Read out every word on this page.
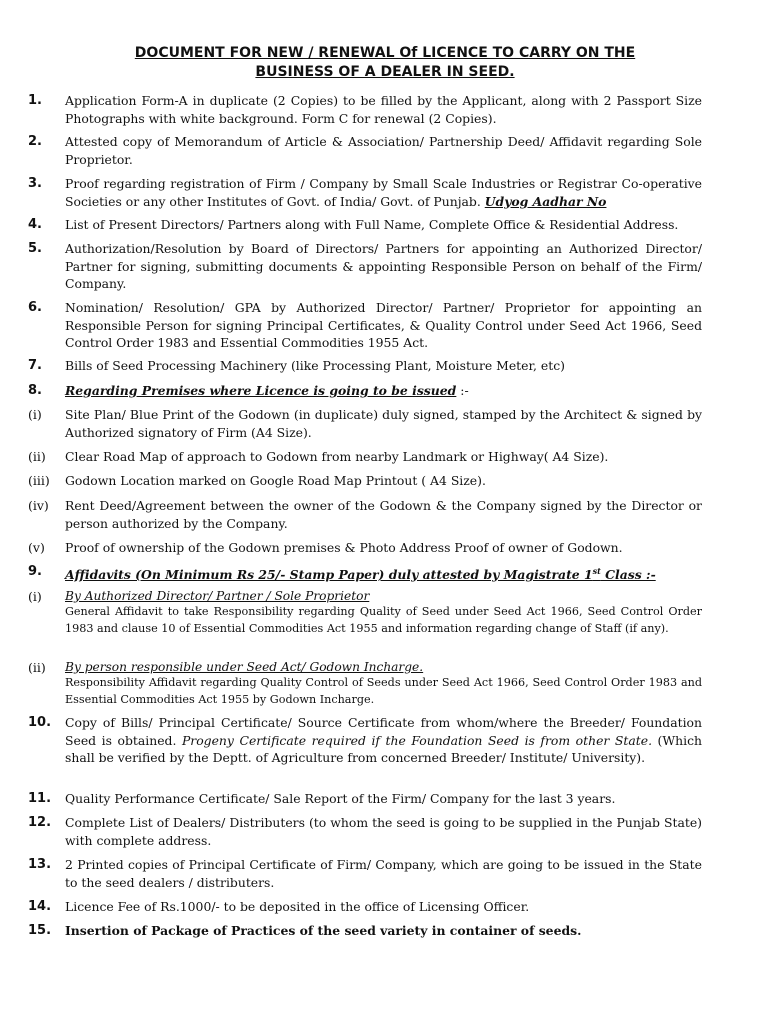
DOCUMENT FOR NEW / RENEWAL Of LICENCE TO CARRY ON THE
BUSINESS OF A DEALER IN SEED.
1.	Application Form-A in duplicate (2 Copies) to be filled by the Applicant, along with 2 Passport Size Photographs with white background. Form C for renewal (2 Copies).
2.	Attested copy of Memorandum of Article & Association/ Partnership Deed/ Affidavit regarding Sole Proprietor.
3.	Proof regarding registration of Firm / Company by Small Scale Industries or Registrar Co-operative Societies or any other Institutes of Govt. of India/ Govt. of Punjab. Udyog Aadhar No
4.	List of Present Directors/ Partners along with Full Name, Complete Office & Residential Address.
5.	Authorization/Resolution by Board of Directors/ Partners for appointing an Authorized Director/ Partner for signing, submitting documents & appointing Responsible Person on behalf of the Firm/ Company.
6.	Nomination/ Resolution/ GPA by Authorized Director/ Partner/ Proprietor for appointing an Responsible Person for signing Principal Certificates, & Quality Control under Seed Act 1966, Seed Control Order 1983 and Essential Commodities 1955 Act.
7.	Bills of Seed Processing Machinery (like Processing Plant, Moisture Meter, etc)
8.	Regarding Premises where Licence is going to be issued :-
(i)	Site Plan/ Blue Print of the Godown (in duplicate) duly signed, stamped by the Architect & signed by Authorized signatory of Firm (A4 Size).
(ii)	Clear Road Map of approach to Godown from nearby Landmark or Highway( A4 Size).
(iii)	Godown Location marked on Google Road Map Printout ( A4 Size).
(iv)	Rent Deed/Agreement between the owner of the Godown & the Company signed by the Director or person authorized by the Company.
(v)	Proof of ownership of the Godown premises & Photo Address Proof of owner of Godown.
9.	Affidavits (On Minimum Rs 25/- Stamp Paper) duly attested by Magistrate 1st Class :-
(i)	By Authorized Director/ Partner / Sole Proprietor
General Affidavit to take Responsibility regarding Quality of Seed under Seed Act 1966, Seed Control Order 1983 and clause 10 of Essential Commodities Act 1955 and information regarding change of Staff (if any).
(ii)	By person responsible under Seed Act/ Godown Incharge.
Responsibility Affidavit regarding Quality Control of Seeds under Seed Act 1966, Seed Control Order 1983 and Essential Commodities Act 1955 by Godown Incharge.
10.	Copy of Bills/ Principal Certificate/ Source Certificate from whom/where the Breeder/ Foundation Seed is obtained. Progeny Certificate required if the Foundation Seed is from other State. (Which shall be verified by the Deptt. of Agriculture from concerned Breeder/ Institute/ University).
11.	Quality Performance Certificate/ Sale Report of the Firm/ Company for the last 3 years.
12.	Complete List of Dealers/ Distributers (to whom the seed is going to be supplied in the Punjab State) with complete address.
13.	2 Printed copies of Principal Certificate of Firm/ Company, which are going to be issued in the State to the seed dealers / distributers.
14.	Licence Fee of Rs.1000/- to be deposited in the office of Licensing Officer.
15.	Insertion of Package of Practices of the seed variety in container of seeds.
